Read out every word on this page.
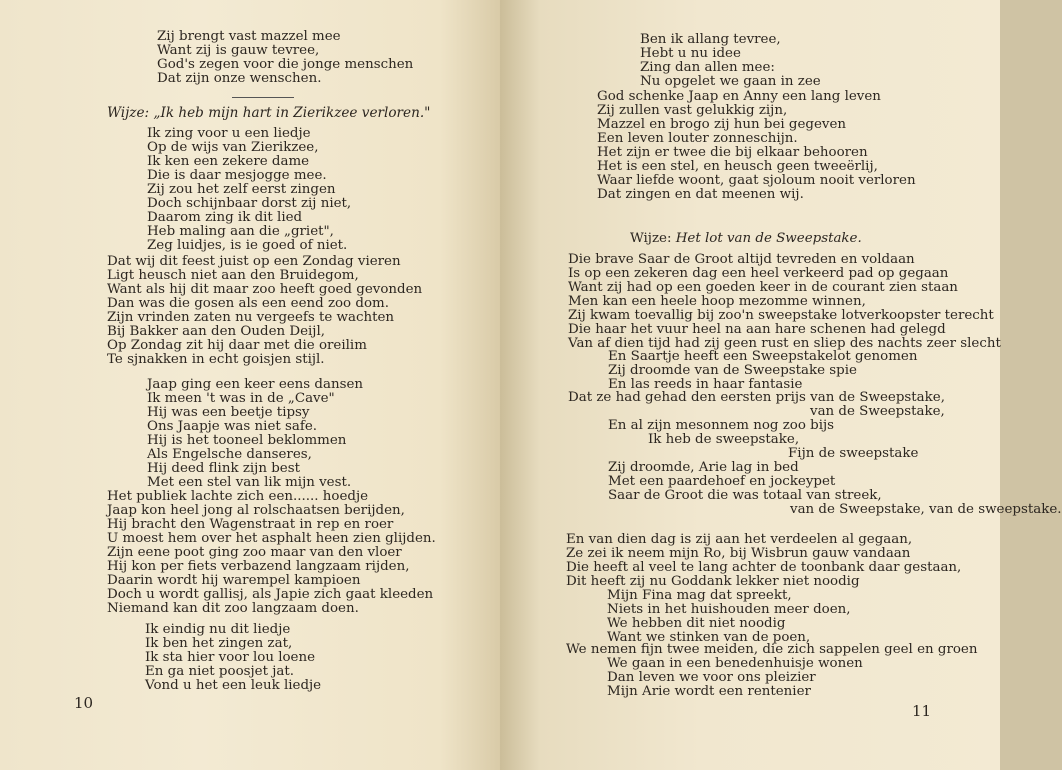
Wijze: „Ik heb mijn hart in Zierikzee verloren."
10
Zij brengt vast mazzel mee
Want zij is gauw tevree,
God's zegen voor die jonge menschen
Dat zijn onze wenschen.
Ik zing voor u een liedje
Op de wijs van Zierikzee,
Ik ken een zekere dame
Die is daar mesjogge mee.
Zij zou het zelf eerst zingen
Doch schijnbaar dorst zij niet,
Daarom zing ik dit lied
Heb maling aan die „griet",
Zeg luidjes, is ie goed of niet.
Dat wij dit feest juist op een Zondag vieren
Ligt heusch niet aan den Bruidegom,
Want als hij dit maar zoo heeft goed gevonden
Dan was die gosen als een eend zoo dom.
Zijn vrinden zaten nu vergeefs te wachten
Bij Bakker aan den Ouden Deijl,
Op Zondag zit hij daar met die oreilim
Te sjnakken in echt goisjen stijl.
Jaap ging een keer eens dansen
Ik meen 't was in de „Cave"
Hij was een beetje tipsy
Ons Jaapje was niet safe.
Hij is het tooneel beklommen
Als Engelsche danseres,
Hij deed flink zijn best
Met een stel van lik mijn vest.
Het publiek lachte zich een...... hoedje
Jaap kon heel jong al rolschaatsen berijden,
Hij bracht den Wagenstraat in rep en roer
U moest hem over het asphalt heen zien glijden.
Zijn eene poot ging zoo maar van den vloer
Hij kon per fiets verbazend langzaam rijden,
Daarin wordt hij warempel kampioen
Doch u wordt gallisj, als Japie zich gaat kleeden
Niemand kan dit zoo langzaam doen.
Ik eindig nu dit liedje
Ik ben het zingen zat,
Ik sta hier voor lou loene
En ga niet poosjet jat.
Vond u het een leuk liedje
Wijze: Het lot van de Sweepstake.
Dat ze had gehad den eersten prijs van de Sweepstake,
van de Sweepstake,
11
Ben ik allang tevree,
Hebt u nu idee
Zing dan allen mee:
Nu opgelet we gaan in zee
God schenke Jaap en Anny een lang leven
Zij zullen vast gelukkig zijn,
Mazzel en brogo zij hun bei gegeven
Een leven louter zonneschijn.
Het zijn er twee die bij elkaar behooren
Het is een stel, en heusch geen tweeërlij,
Waar liefde woont, gaat sjoloum nooit verloren
Dat zingen en dat meenen wij.
Die brave Saar de Groot altijd tevreden en voldaan
Is op een zekeren dag een heel verkeerd pad op gegaan
Want zij had op een goeden keer in de courant zien staan
Men kan een heele hoop mezomme winnen,
Zij kwam toevallig bij zoo'n sweepstake lotverkoopster terecht
Die haar het vuur heel na aan hare schenen had gelegd
Van af dien tijd had zij geen rust en sliep des nachts zeer slecht
En Saartje heeft een Sweepstakelot genomen
Zij droomde van de Sweepstake spie
En las reeds in haar fantasie
En al zijn mesonnem nog zoo bijs
Ik heb de sweepstake,
Fijn de sweepstake
Zij droomde, Arie lag in bed
Met een paardehoef en jockeypet
Saar de Groot die was totaal van streek,
van de Sweepstake, van de sweepstake.
En van dien dag is zij aan het verdeelen al gegaan,
Ze zei ik neem mijn Ro, bij Wisbrun gauw vandaan
Die heeft al veel te lang achter de toonbank daar gestaan,
Dit heeft zij nu Goddank lekker niet noodig
Mijn Fina mag dat spreekt,
Niets in het huishouden meer doen,
We hebben dit niet noodig
Want we stinken van de poen,
We nemen fijn twee meiden, die zich sappelen geel en groen
We gaan in een benedenhuisje wonen
Dan leven we voor ons pleizier
Mijn Arie wordt een rentenier
